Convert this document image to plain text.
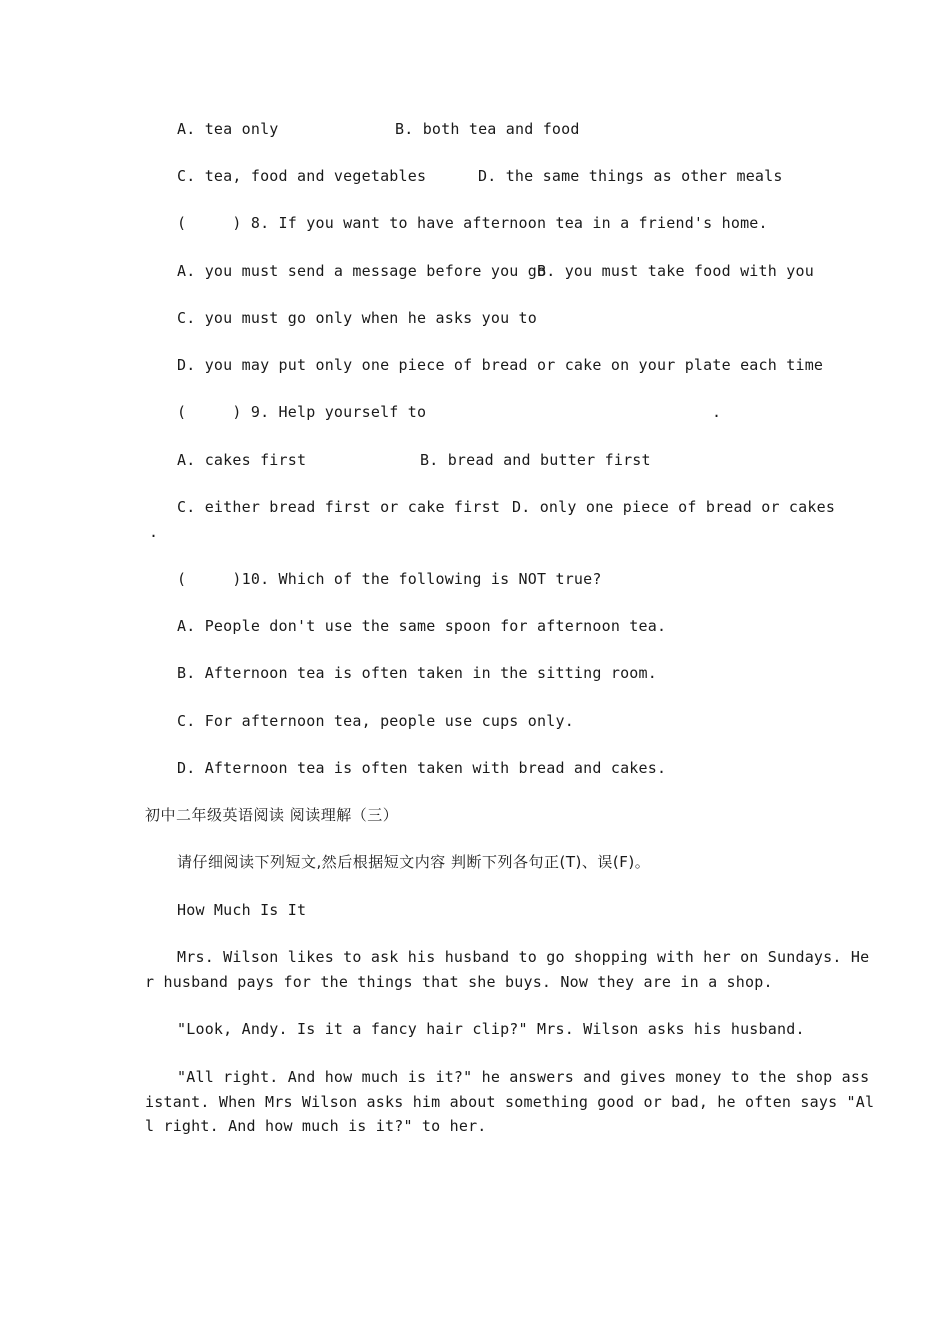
A. tea only	B. both tea and food
C. tea, food and vegetables	D. the same things as other meals
(     ) 8. If you want to have afternoon tea in a friend's home.
A. you must send a message before you go
B. you must take food with you
C. you must go only when he asks you to
D. you may put only one piece of bread or cake on your plate each time
(     ) 9. Help yourself to	.
A. cakes first	B. bread and butter first
C. either bread first or cake first D. only one piece of bread or cakes
.
(     )10. Which of the following is NOT true?
A. People don't use the same spoon for afternoon tea.
B. Afternoon tea is often taken in the sitting room.
C. For afternoon tea, people use cups only.
D. Afternoon tea is often taken with bread and cakes.
初中二年级英语阅读 阅读理解（三）
请仔细阅读下列短文,然后根据短文内容 判断下列各句正(T)、误(F)。
How Much Is It
Mrs. Wilson likes to ask his husband to go shopping with her on Sundays. He
r husband pays for the things that she buys. Now they are in a shop.
"Look, Andy. Is it a fancy hair clip?" Mrs. Wilson asks his husband.
"All right. And how much is it?" he answers and gives money to the shop ass
istant. When Mrs Wilson asks him about something good or bad, he often says "Al
l right. And how much is it?" to her.
